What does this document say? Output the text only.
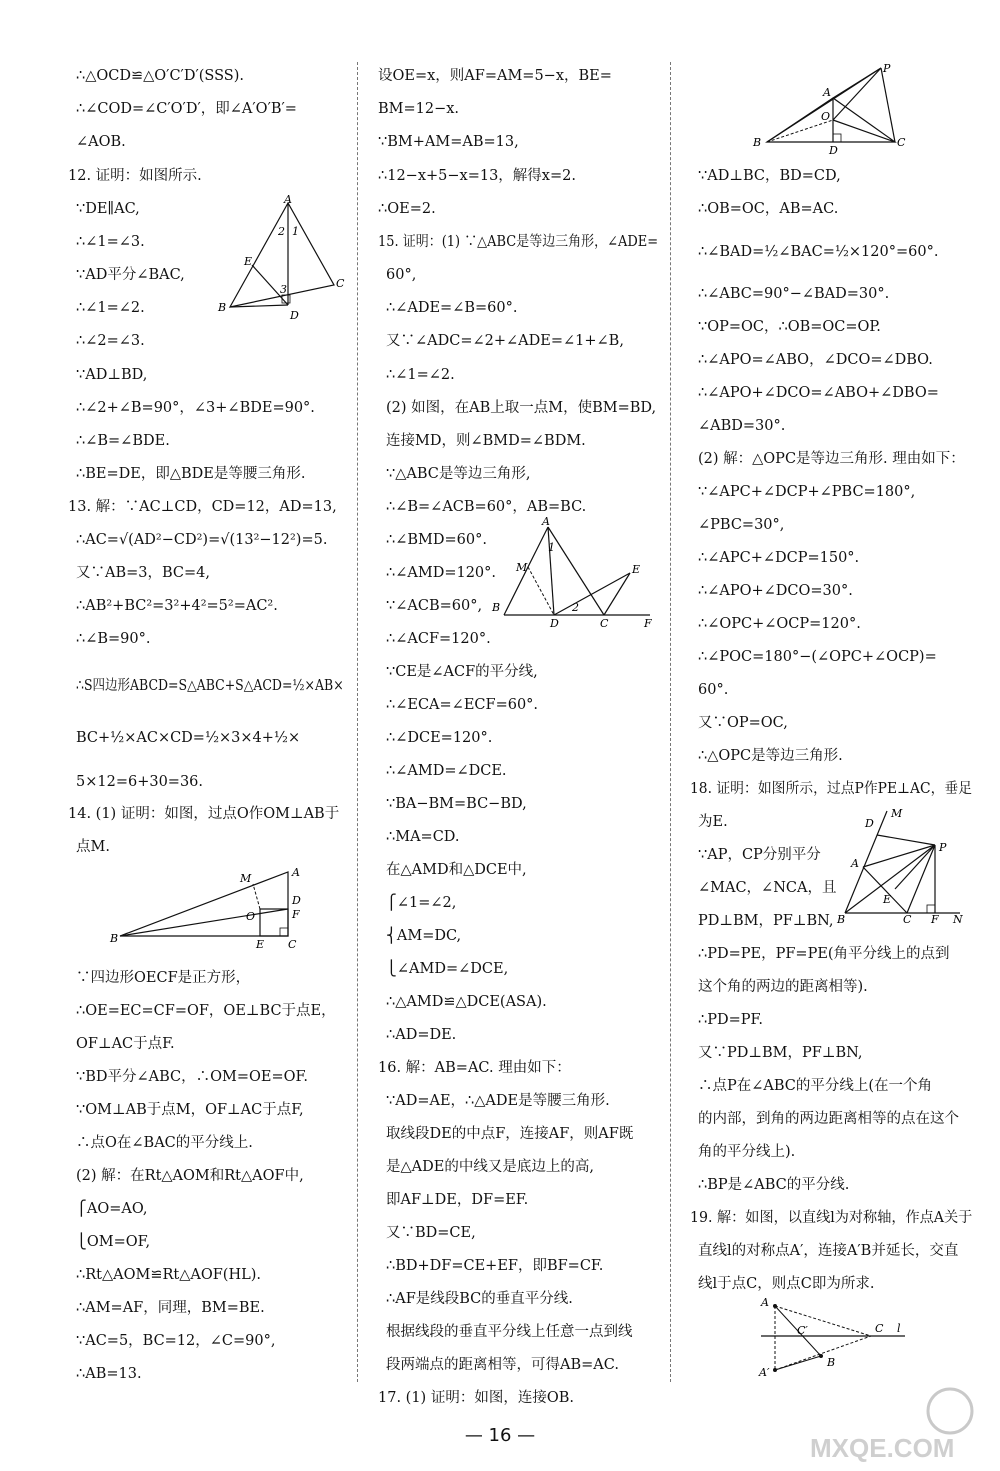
∴△OCD≌△O′C′D′(SSS).
∴∠COD=∠C′O′D′，即∠A′O′B′=
∠AOB.
12. 证明：如图所示.
∵DE∥AC,
∴∠1=∠3.
∵AD平分∠BAC,
∴∠1=∠2.
∴∠2=∠3.
∵AD⊥BD,
∴∠2+∠B=90°，∠3+∠BDE=90°.
∴∠B=∠BDE.
∴BE=DE，即△BDE是等腰三角形.
13. 解：∵AC⊥CD，CD=12，AD=13,
∴AC=√(AD²−CD²)=√(13²−12²)=5.
又∵AB=3，BC=4,
∴AB²+BC²=3²+4²=5²=AC².
∴∠B=90°.
∴S四边形ABCD=S△ABC+S△ACD=½×AB×
BC+½×AC×CD=½×3×4+½×
5×12=6+30=36.
14. (1) 证明：如图，过点O作OM⊥AB于
点M.
∵四边形OECF是正方形，
∴OE=EC=CF=OF，OE⊥BC于点E，
OF⊥AC于点F.
∵BD平分∠ABC，∴OM=OE=OF.
∵OM⊥AB于点M，OF⊥AC于点F,
∴点O在∠BAC的平分线上.
(2) 解：在Rt△AOM和Rt△AOF中,
⎧AO=AO,
⎩OM=OF,
∴Rt△AOM≌Rt△AOF(HL).
∴AM=AF，同理，BM=BE.
∵AC=5，BC=12，∠C=90°,
∴AB=13.
设OE=x，则AF=AM=5−x，BE=
BM=12−x.
∵BM+AM=AB=13,
∴12−x+5−x=13，解得x=2.
∴OE=2.
15. 证明：(1) ∵△ABC是等边三角形，∠ADE=
60°,
∴∠ADE=∠B=60°.
又∵∠ADC=∠2+∠ADE=∠1+∠B,
∴∠1=∠2.
(2) 如图，在AB上取一点M，使BM=BD,
连接MD，则∠BMD=∠BDM.
∵△ABC是等边三角形,
∴∠B=∠ACB=60°，AB=BC.
∴∠BMD=60°.
∴∠AMD=120°.
∵∠ACB=60°,
∴∠ACF=120°.
∵CE是∠ACF的平分线,
∴∠ECA=∠ECF=60°.
∴∠DCE=120°.
∴∠AMD=∠DCE.
∵BA−BM=BC−BD,
∴MA=CD.
在△AMD和△DCE中,
⎧∠1=∠2,
⎨AM=DC,
⎩∠AMD=∠DCE,
∴△AMD≌△DCE(ASA).
∴AD=DE.
16. 解：AB=AC. 理由如下：
∵AD=AE，∴△ADE是等腰三角形.
取线段DE的中点F，连接AF，则AF既
是△ADE的中线又是底边上的高,
即AF⊥DE，DF=EF.
又∵BD=CE,
∴BD+DF=CE+EF，即BF=CF.
∴AF是线段BC的垂直平分线.
根据线段的垂直平分线上任意一点到线
段两端点的距离相等，可得AB=AC.
17. (1) 证明：如图，连接OB.
∵AD⊥BC，BD=CD,
∴OB=OC，AB=AC.
∴∠BAD=½∠BAC=½×120°=60°.
∴∠ABC=90°−∠BAD=30°.
∵OP=OC，∴OB=OC=OP.
∴∠APO=∠ABO，∠DCO=∠DBO.
∴∠APO+∠DCO=∠ABO+∠DBO=
∠ABD=30°.
(2) 解：△OPC是等边三角形. 理由如下：
∵∠APC+∠DCP+∠PBC=180°,
∠PBC=30°,
∴∠APC+∠DCP=150°.
∴∠APO+∠DCO=30°.
∴∠OPC+∠OCP=120°.
∴∠POC=180°−(∠OPC+∠OCP)=
60°.
又∵OP=OC,
∴△OPC是等边三角形.
18. 证明：如图所示，过点P作PE⊥AC，垂足
为E.
∵AP，CP分别平分
∠MAC，∠NCA，且
PD⊥BM，PF⊥BN,
∴PD=PE，PF=PE(角平分线上的点到
这个角的两边的距离相等).
∴PD=PF.
又∵PD⊥BM，PF⊥BN,
∴点P在∠ABC的平分线上(在一个角
的内部，到角的两边距离相等的点在这个
角的平分线上).
∴BP是∠ABC的平分线.
19. 解：如图，以直线l为对称轴，作点A关于
直线l的对称点A′，连接A′B并延长，交直
线l于点C，则点C即为所求.
A
E
B
D
C
2 1
3
M	A
O
D
F
B	E C
A
1
M	E
B
D
2
C	F
P
A
O
B
D
C
M
D
A
P
E
B	C F N
A
C′	C l
A′
B
— 16 —	MXQE.COM
